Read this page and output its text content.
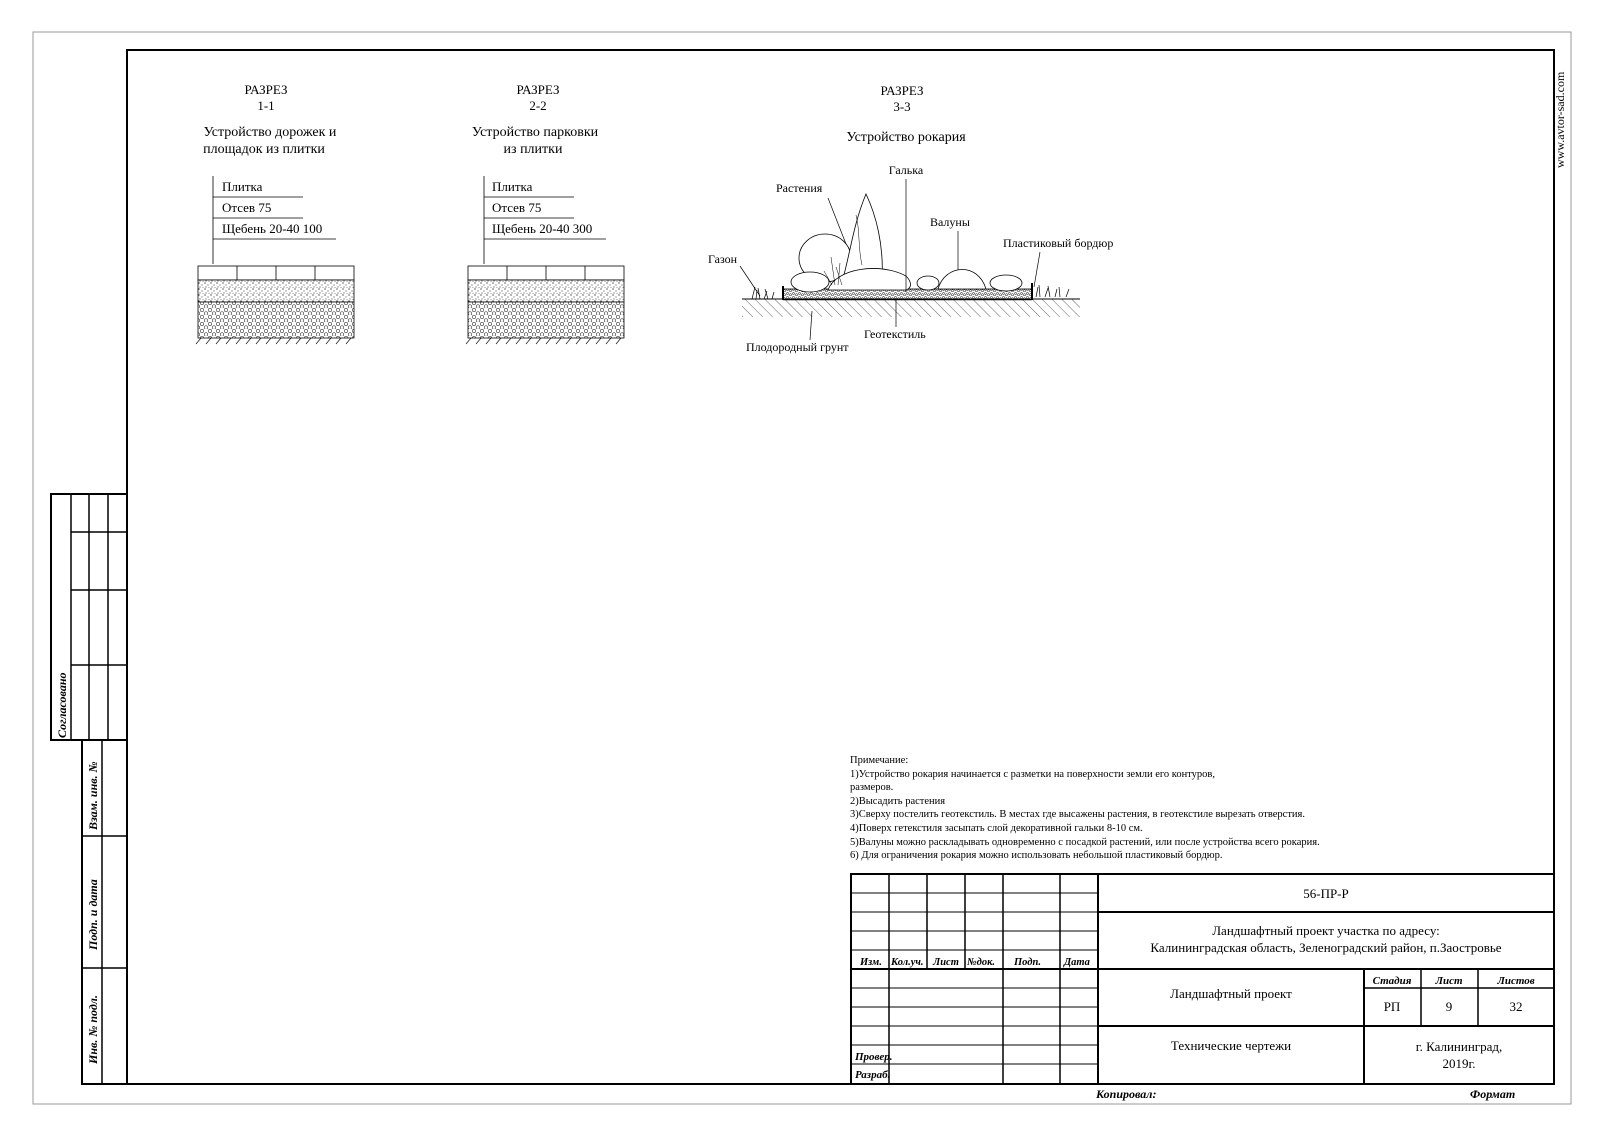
www.avtor-sad.com
РАЗРЕЗ
1-1
Устройство дорожек и
площадок из плитки
Плитка
Отсев 75
Щебень 20-40 100
РАЗРЕЗ
2-2
Устройство парковки
из плитки
Плитка
Отсев 75
Щебень 20-40 300
РАЗРЕЗ
3-3
Устройство рокария
Галька
Растения
Валуны
Пластиковый бордюр
Газон
Геотекстиль
Плодородный грунт
Согласовано
Взам. инв. №
Подп. и дата
Инв. № подл.
56-ПР-Р
Ландшафтный проект участка по адресу:
Калининградская область, Зеленоградский район, п.Заостровье
Изм. Кол.уч. Лист №док. Подп. Дата
Провер.
Разраб.
Ландшафтный проект
Технические чертежи
Стадия Лист	Листов
РП	9	32
г. Калининград,
2019г.
Копировал:	Формат
Примечание:
1)Устройство рокария начинается с разметки на поверхности земли его контуров,
размеров.
2)Высадить растения
3)Сверху постелить геотекстиль. В местах где высажены растения, в геотекстиле вырезать отверстия.
4)Поверх гетекстиля засыпать слой декоративной гальки 8-10 см.
5)Валуны можно раскладывать одновременно с посадкой растений, или после устройства всего рокария.
6) Для ограничения рокария можно использовать небольшой пластиковый бордюр.
